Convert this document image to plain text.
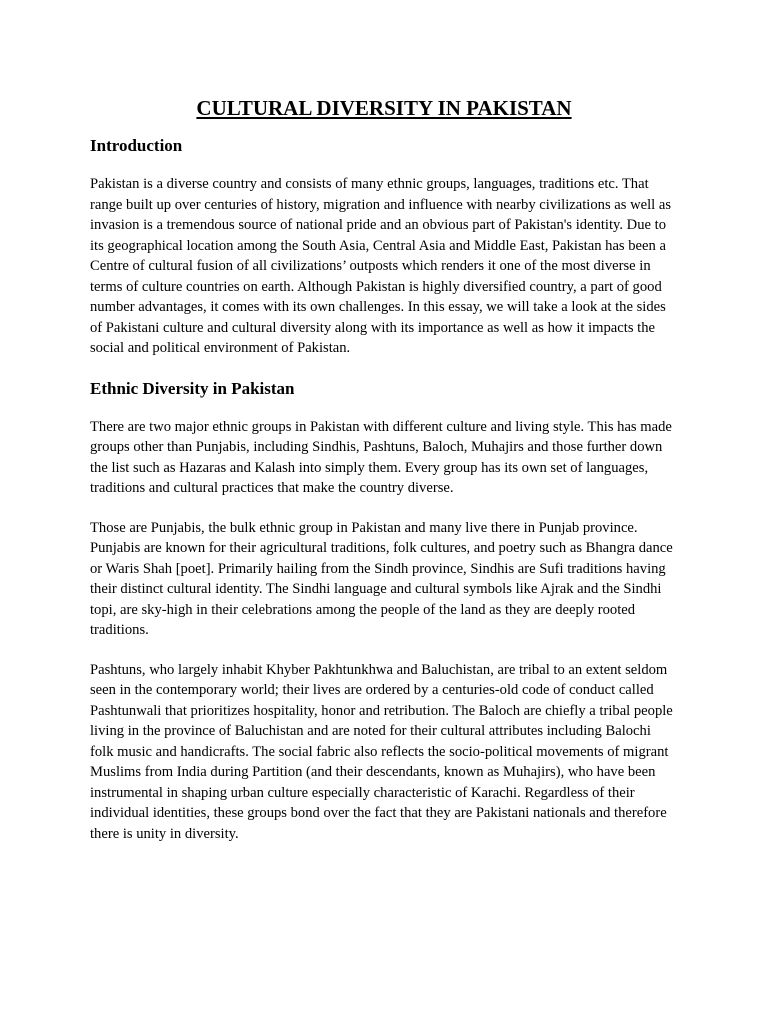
CULTURAL DIVERSITY IN PAKISTAN
Introduction

Pakistan is a diverse country and consists of many ethnic groups, languages, traditions etc. That range built up over centuries of history, migration and influence with nearby civilizations as well as invasion is a tremendous source of national pride and an obvious part of Pakistan's identity. Due to its geographical location among the South Asia, Central Asia and Middle East, Pakistan has been a Centre of cultural fusion of all civilizations’ outposts which renders it one of the most diverse in terms of culture countries on earth. Although Pakistan is highly diversified country, a part of good number advantages, it comes with its own challenges. In this essay, we will take a look at the sides of Pakistani culture and cultural diversity along with its importance as well as how it impacts the social and political environment of Pakistan.

Ethnic Diversity in Pakistan

There are two major ethnic groups in Pakistan with different culture and living style. This has made groups other than Punjabis, including Sindhis, Pashtuns, Baloch, Muhajirs and those further down the list such as Hazaras and Kalash into simply them. Every group has its own set of languages, traditions and cultural practices that make the country diverse.

Those are Punjabis, the bulk ethnic group in Pakistan and many live there in Punjab province. Punjabis are known for their agricultural traditions, folk cultures, and poetry such as Bhangra dance or Waris Shah [poet]. Primarily hailing from the Sindh province, Sindhis are Sufi traditions having their distinct cultural identity. The Sindhi language and cultural symbols like Ajrak and the Sindhi topi, are sky-high in their celebrations among the people of the land as they are deeply rooted traditions.

Pashtuns, who largely inhabit Khyber Pakhtunkhwa and Baluchistan, are tribal to an extent seldom seen in the contemporary world; their lives are ordered by a centuries-old code of conduct called Pashtunwali that prioritizes hospitality, honor and retribution. The Baloch are chiefly a tribal people living in the province of Baluchistan and are noted for their cultural attributes including Balochi folk music and handicrafts. The social fabric also reflects the socio-political movements of migrant Muslims from India during Partition (and their descendants, known as Muhajirs), who have been instrumental in shaping urban culture especially characteristic of Karachi. Regardless of their individual identities, these groups bond over the fact that they are Pakistani nationals and therefore there is unity in diversity.
